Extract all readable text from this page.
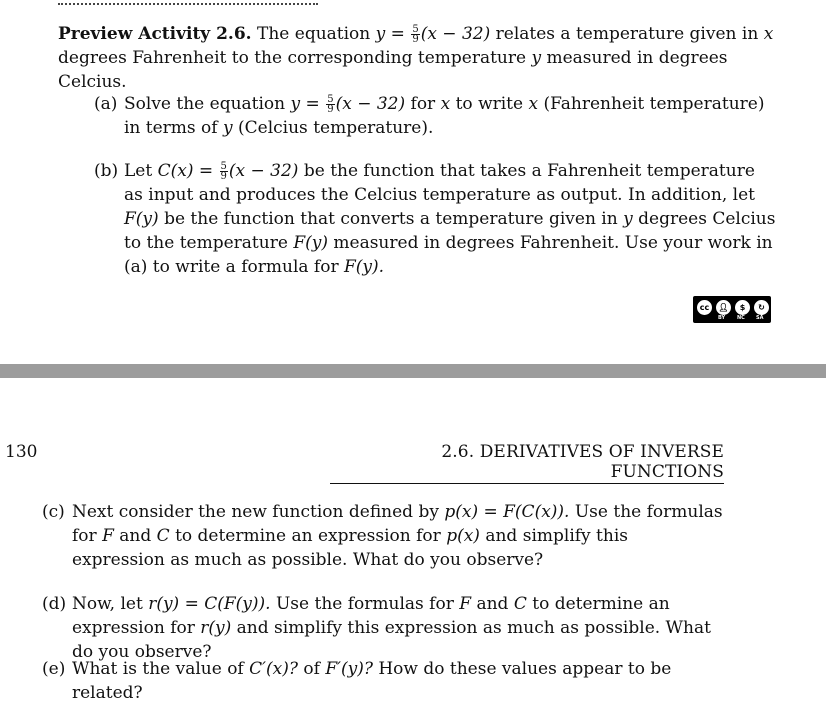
Preview Activity 2.6. The equation $y = \frac{5}{9} (x - 32)$ relates a temperature given in x degrees Fahrenheit to the corresponding temperature y measured in degrees Celcius.
(a) Solve the equation $y = \frac{5}{9} (x - 32)$ for x to write x (Fahrenheit temperature) in terms of y (Celcius temperature).
(b) Let $C(x) = \frac{5}{9} (x - 32)$ be the function that takes a Fahrenheit temperature as input and produces the Celcius temperature as output. In addition, let F(y) be the function that converts a temperature given in y degrees Celcius to the temperature F(y) measured in degrees Fahrenheit. Use your work in (a) to write a formula for F(y).
cc	👤︎	$	↻
BY NC SA
130	2.6. DERIVATIVES OF INVERSE FUNCTIONS
(c) Next consider the new function defined by p(x) = F(C(x)). Use the formulas for F and C to determine an expression for p(x) and simplify this expression as much as possible. What do you observe?
(d) Now, let r(y) = C(F(y)). Use the formulas for F and C to determine an expression for r(y) and simplify this expression as much as possible. What do you observe?
(e) What is the value of C′(x)? of F′(y)? How do these values appear to be related?
